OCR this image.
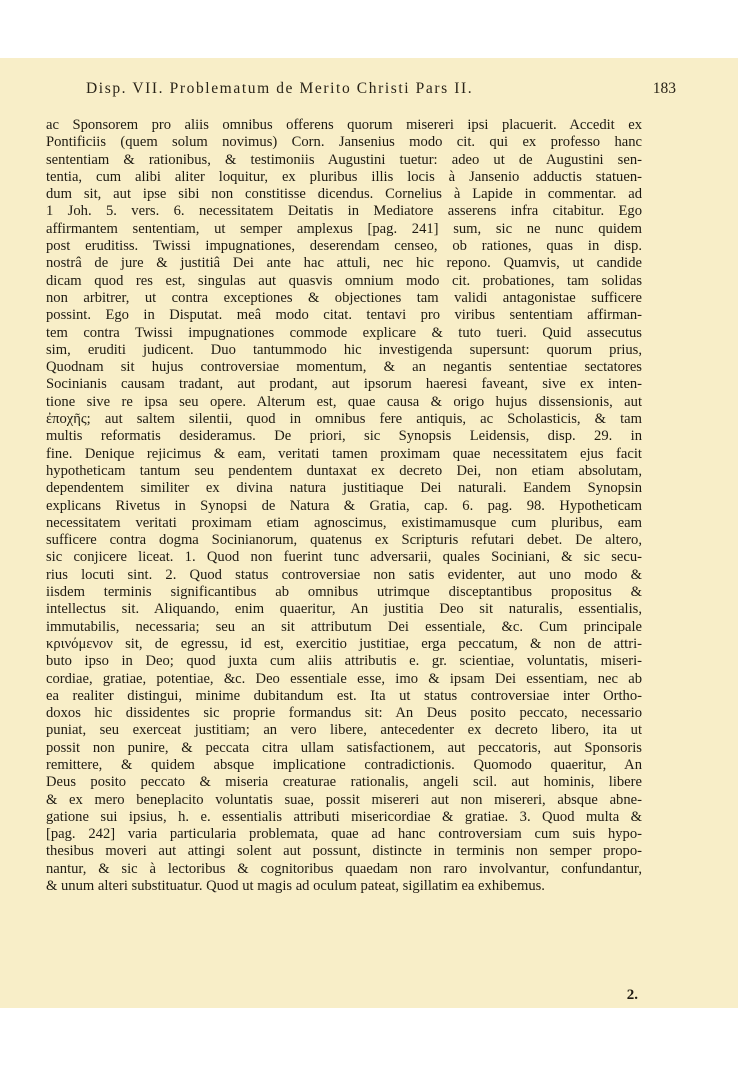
Disp. VII. Problematum de Merito Christi Pars II.	183
ac Sponsorem pro aliis omnibus offerens quorum misereri ipsi placuerit. Accedit ex
Pontificiis (quem solum novimus) Corn. Jansenius modo cit. qui ex professo hanc
sententiam & rationibus, & testimoniis Augustini tuetur: adeo ut de Augustini sen-
tentia, cum alibi aliter loquitur, ex pluribus illis locis à Jansenio adductis statuen-
dum sit, aut ipse sibi non constitisse dicendus. Cornelius à Lapide in commentar. ad
1 Joh. 5. vers. 6. necessitatem Deitatis in Mediatore asserens infra citabitur. Ego
affirmantem sententiam, ut semper amplexus [pag. 241] sum, sic ne nunc quidem
post eruditiss. Twissi impugnationes, deserendam censeo, ob rationes, quas in disp.
nostrâ de jure & justitiâ Dei ante hac attuli, nec hic repono. Quamvis, ut candide
dicam quod res est, singulas aut quasvis omnium modo cit. probationes, tam solidas
non arbitrer, ut contra exceptiones & objectiones tam validi antagonistae sufficere
possint. Ego in Disputat. meâ modo citat. tentavi pro viribus sententiam affirman-
tem contra Twissi impugnationes commode explicare & tuto tueri. Quid assecutus
sim, eruditi judicent. Duo tantummodo hic investigenda supersunt: quorum prius,
Quodnam sit hujus controversiae momentum, & an negantis sententiae sectatores
Socinianis causam tradant, aut prodant, aut ipsorum haeresi faveant, sive ex inten-
tione sive re ipsa seu opere. Alterum est, quae causa & origo hujus dissensionis, aut
ἐποχῆς; aut saltem silentii, quod in omnibus fere antiquis, ac Scholasticis, & tam
multis reformatis desideramus. De priori, sic Synopsis Leidensis, disp. 29. in
fine. Denique rejicimus & eam, veritati tamen proximam quae necessitatem ejus facit
hypotheticam tantum seu pendentem duntaxat ex decreto Dei, non etiam absolutam,
dependentem similiter ex divina natura justitiaque Dei naturali. Eandem Synopsin
explicans Rivetus in Synopsi de Natura & Gratia, cap. 6. pag. 98. Hypotheticam
necessitatem veritati proximam etiam agnoscimus, existimamusque cum pluribus, eam
sufficere contra dogma Socinianorum, quatenus ex Scripturis refutari debet. De altero,
sic conjicere liceat. 1. Quod non fuerint tunc adversarii, quales Sociniani, & sic secu-
rius locuti sint. 2. Quod status controversiae non satis evidenter, aut uno modo &
iisdem terminis significantibus ab omnibus utrimque disceptantibus propositus &
intellectus sit. Aliquando, enim quaeritur, An justitia Deo sit naturalis, essentialis,
immutabilis, necessaria; seu an sit attributum Dei essentiale, &c. Cum principale
κρινόμενον sit, de egressu, id est, exercitio justitiae, erga peccatum, & non de attri-
buto ipso in Deo; quod juxta cum aliis attributis e. gr. scientiae, voluntatis, miseri-
cordiae, gratiae, potentiae, &c. Deo essentiale esse, imo & ipsam Dei essentiam, nec ab
ea realiter distingui, minime dubitandum est. Ita ut status controversiae inter Ortho-
doxos hic dissidentes sic proprie formandus sit: An Deus posito peccato, necessario
puniat, seu exerceat justitiam; an vero libere, antecedenter ex decreto libero, ita ut
possit non punire, & peccata citra ullam satisfactionem, aut peccatoris, aut Sponsoris
remittere, & quidem absque implicatione contradictionis. Quomodo quaeritur, An
Deus posito peccato & miseria creaturae rationalis, angeli scil. aut hominis, libere
& ex mero beneplacito voluntatis suae, possit misereri aut non misereri, absque abne-
gatione sui ipsius, h. e. essentialis attributi misericordiae & gratiae. 3. Quod multa &
[pag. 242] varia particularia problemata, quae ad hanc controversiam cum suis hypo-
thesibus moveri aut attingi solent aut possunt, distincte in terminis non semper propo-
nantur, & sic à lectoribus & cognitoribus quaedam non raro involvantur, confundantur,
& unum alteri substituatur. Quod ut magis ad oculum pateat, sigillatim ea exhibemus.
2.
